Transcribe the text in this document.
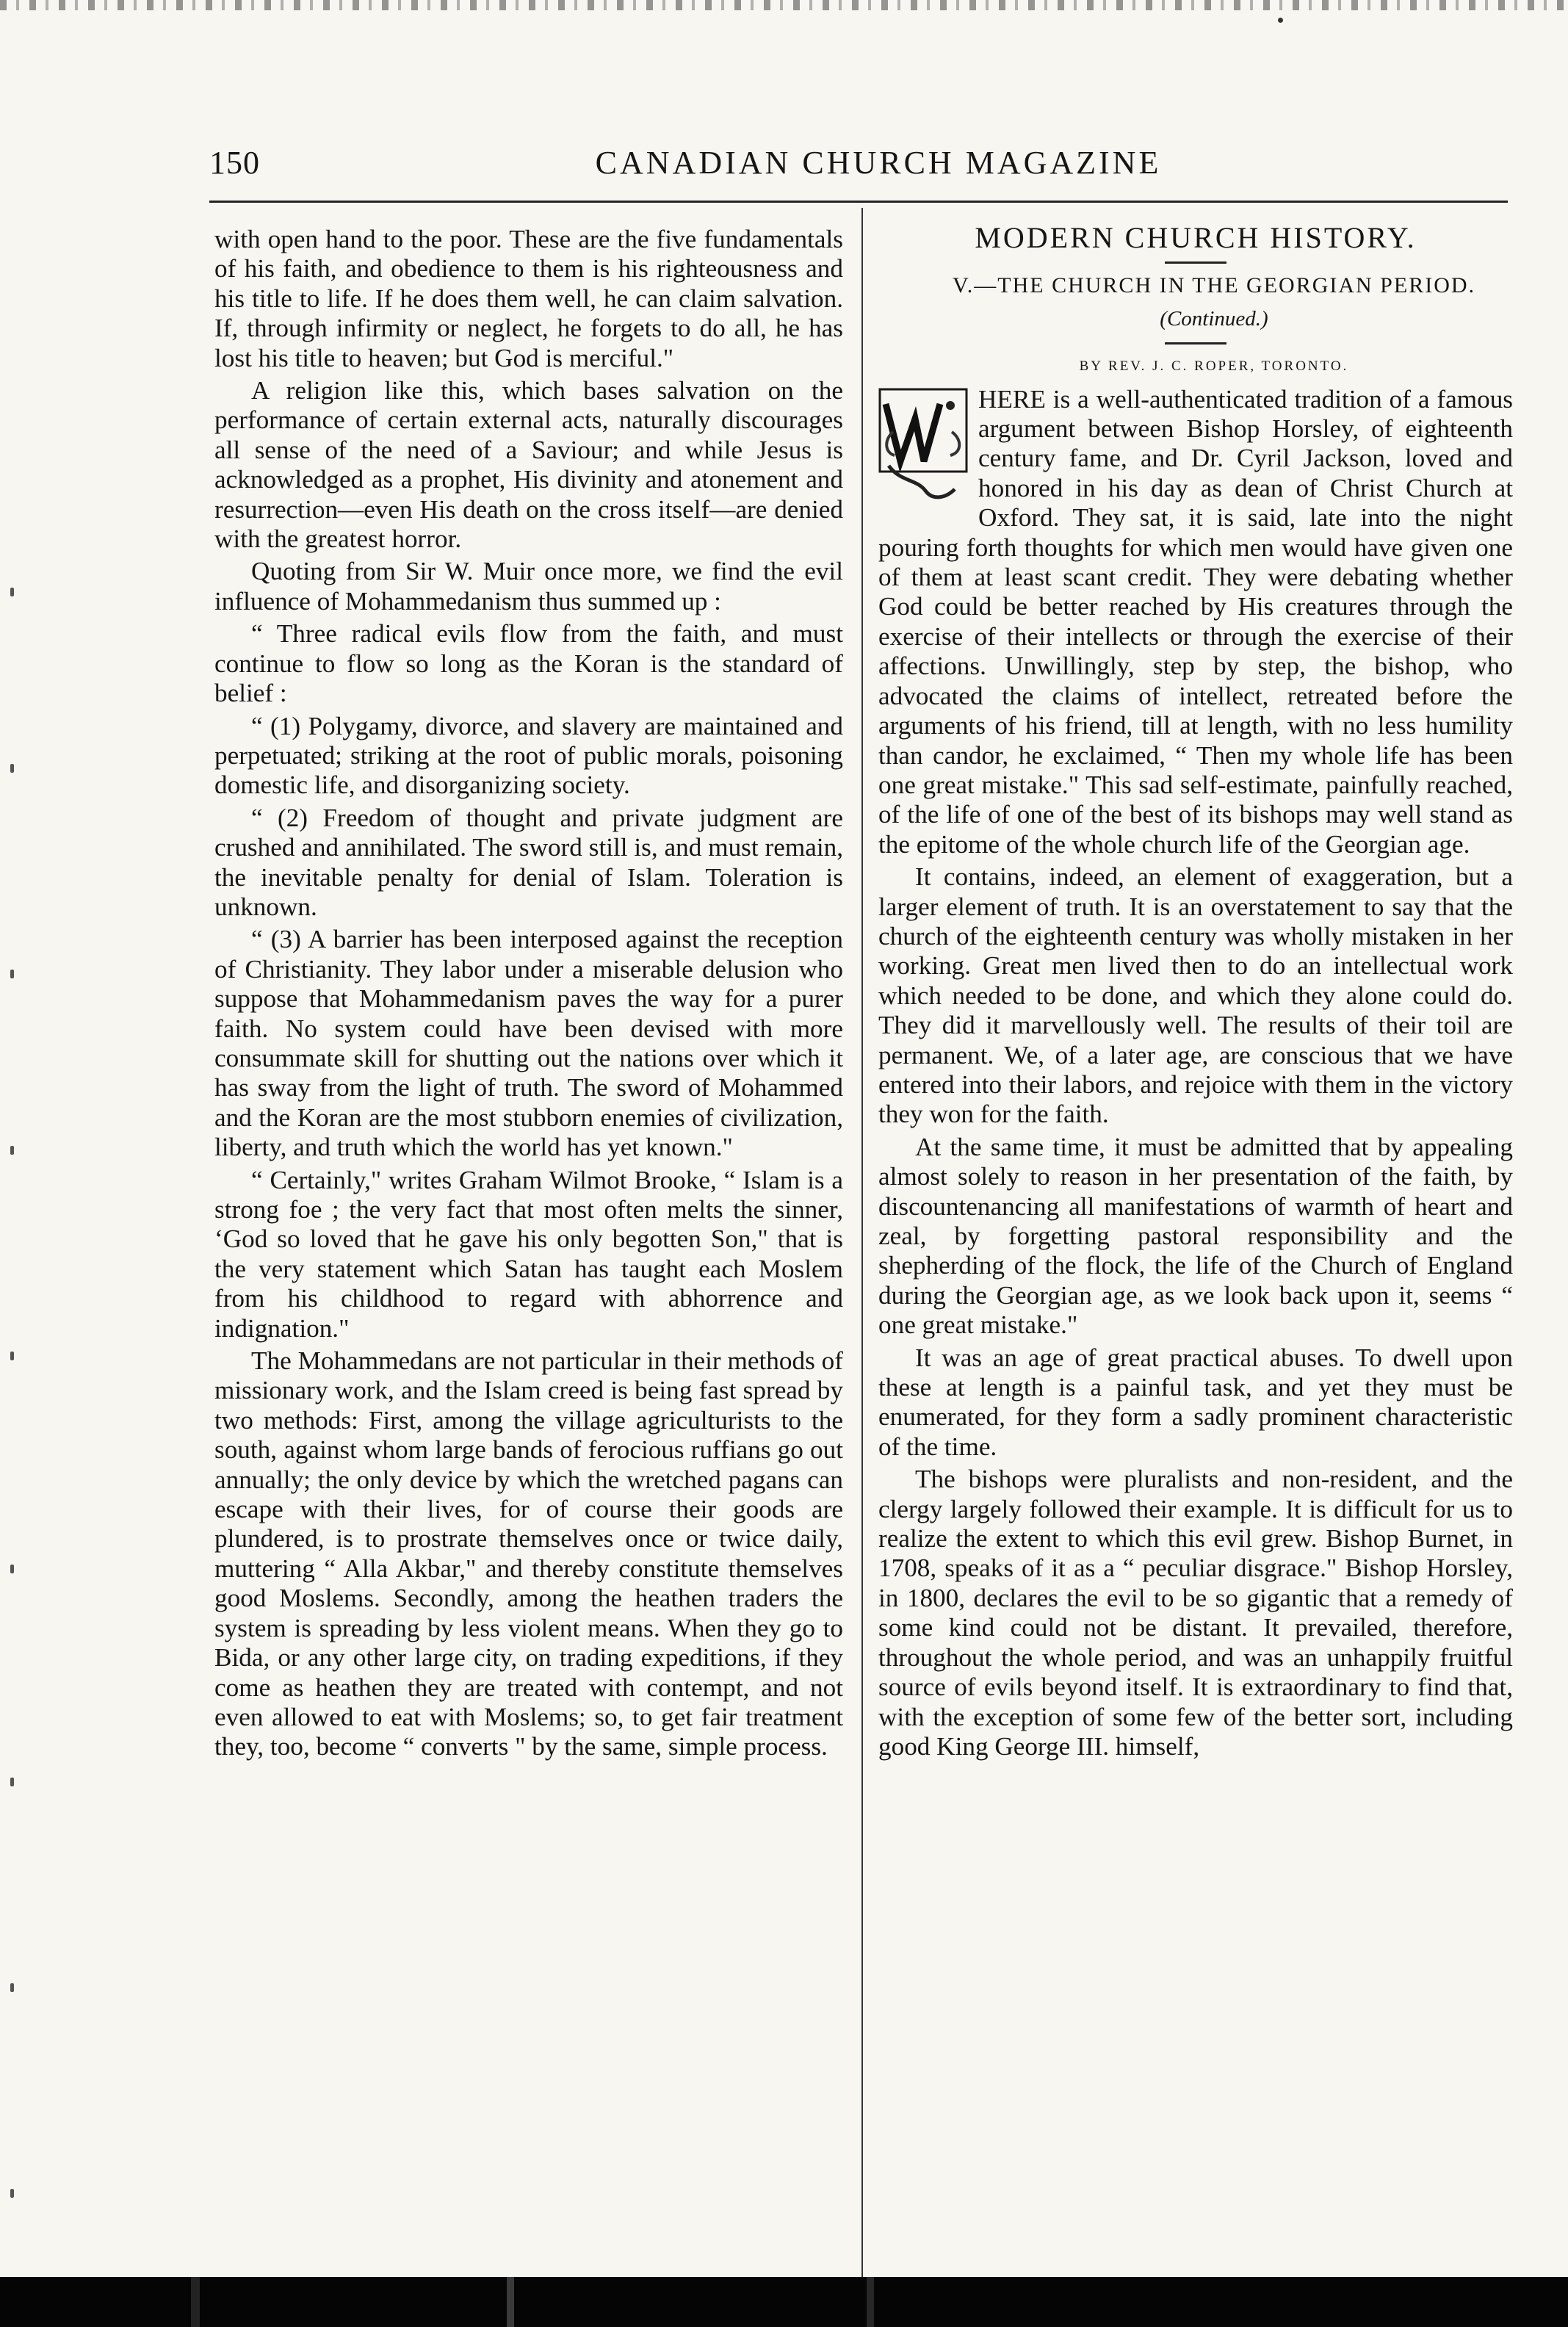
150	CANADIAN CHURCH MAGAZINE

with open hand to the poor. These are the five fundamentals of his faith, and obedience to them is his righteousness and his title to life. If he does them well, he can claim salvation. If, through infirmity or neglect, he forgets to do all, he has lost his title to heaven; but God is merciful."

A religion like this, which bases salvation on the performance of certain external acts, naturally discourages all sense of the need of a Saviour; and while Jesus is acknowledged as a prophet, His divinity and atonement and resurrection—even His death on the cross itself—are denied with the greatest horror.

Quoting from Sir W. Muir once more, we find the evil influence of Mohammedanism thus summed up :

“ Three radical evils flow from the faith, and must continue to flow so long as the Koran is the standard of belief :

“ (1) Polygamy, divorce, and slavery are maintained and perpetuated; striking at the root of public morals, poisoning domestic life, and disorganizing society.

“ (2) Freedom of thought and private judgment are crushed and annihilated. The sword still is, and must remain, the inevitable penalty for denial of Islam. Toleration is unknown.

“ (3) A barrier has been interposed against the reception of Christianity. They labor under a miserable delusion who suppose that Mohammedanism paves the way for a purer faith. No system could have been devised with more consummate skill for shutting out the nations over which it has sway from the light of truth. The sword of Mohammed and the Koran are the most stubborn enemies of civilization, liberty, and truth which the world has yet known."

“ Certainly," writes Graham Wilmot Brooke, “ Islam is a strong foe ; the very fact that most often melts the sinner, ‘God so loved that he gave his only begotten Son," that is the very statement which Satan has taught each Moslem from his childhood to regard with abhorrence and indignation."

The Mohammedans are not particular in their methods of missionary work, and the Islam creed is being fast spread by two methods: First, among the village agriculturists to the south, against whom large bands of ferocious ruffians go out annually; the only device by which the wretched pagans can escape with their lives, for of course their goods are plundered, is to prostrate themselves once or twice daily, muttering “ Alla Akbar," and thereby constitute themselves good Moslems. Secondly, among the heathen traders the system is spreading by less violent means. When they go to Bida, or any other large city, on trading expeditions, if they come as heathen they are treated with contempt, and not even allowed to eat with Moslems; so, to get fair treatment they, too, become “ converts " by the same, simple process.

MODERN CHURCH HISTORY.

V.—THE CHURCH IN THE GEORGIAN PERIOD.

(Continued.)

BY REV. J. C. ROPER, TORONTO.

HERE is a well-authenticated tradition of a famous argument between Bishop Horsley, of eighteenth century fame, and Dr. Cyril Jackson, loved and honored in his day as dean of Christ Church at Oxford. They sat, it is said, late into the night pouring forth thoughts for which men would have given one of them at least scant credit. They were debating whether God could be better reached by His creatures through the exercise of their intellects or through the exercise of their affections. Unwillingly, step by step, the bishop, who advocated the claims of intellect, retreated before the arguments of his friend, till at length, with no less humility than candor, he exclaimed, “ Then my whole life has been one great mistake." This sad self-estimate, painfully reached, of the life of one of the best of its bishops may well stand as the epitome of the whole church life of the Georgian age.

It contains, indeed, an element of exaggeration, but a larger element of truth. It is an overstatement to say that the church of the eighteenth century was wholly mistaken in her working. Great men lived then to do an intellectual work which needed to be done, and which they alone could do. They did it marvellously well. The results of their toil are permanent. We, of a later age, are conscious that we have entered into their labors, and rejoice with them in the victory they won for the faith.

At the same time, it must be admitted that by appealing almost solely to reason in her presentation of the faith, by discountenancing all manifestations of warmth of heart and zeal, by forgetting pastoral responsibility and the shepherding of the flock, the life of the Church of England during the Georgian age, as we look back upon it, seems “ one great mistake."

It was an age of great practical abuses. To dwell upon these at length is a painful task, and yet they must be enumerated, for they form a sadly prominent characteristic of the time.

The bishops were pluralists and non-resident, and the clergy largely followed their example. It is difficult for us to realize the extent to which this evil grew. Bishop Burnet, in 1708, speaks of it as a “ peculiar disgrace." Bishop Horsley, in 1800, declares the evil to be so gigantic that a remedy of some kind could not be distant. It prevailed, therefore, throughout the whole period, and was an unhappily fruitful source of evils beyond itself. It is extraordinary to find that, with the exception of some few of the better sort, including good King George III. himself,
